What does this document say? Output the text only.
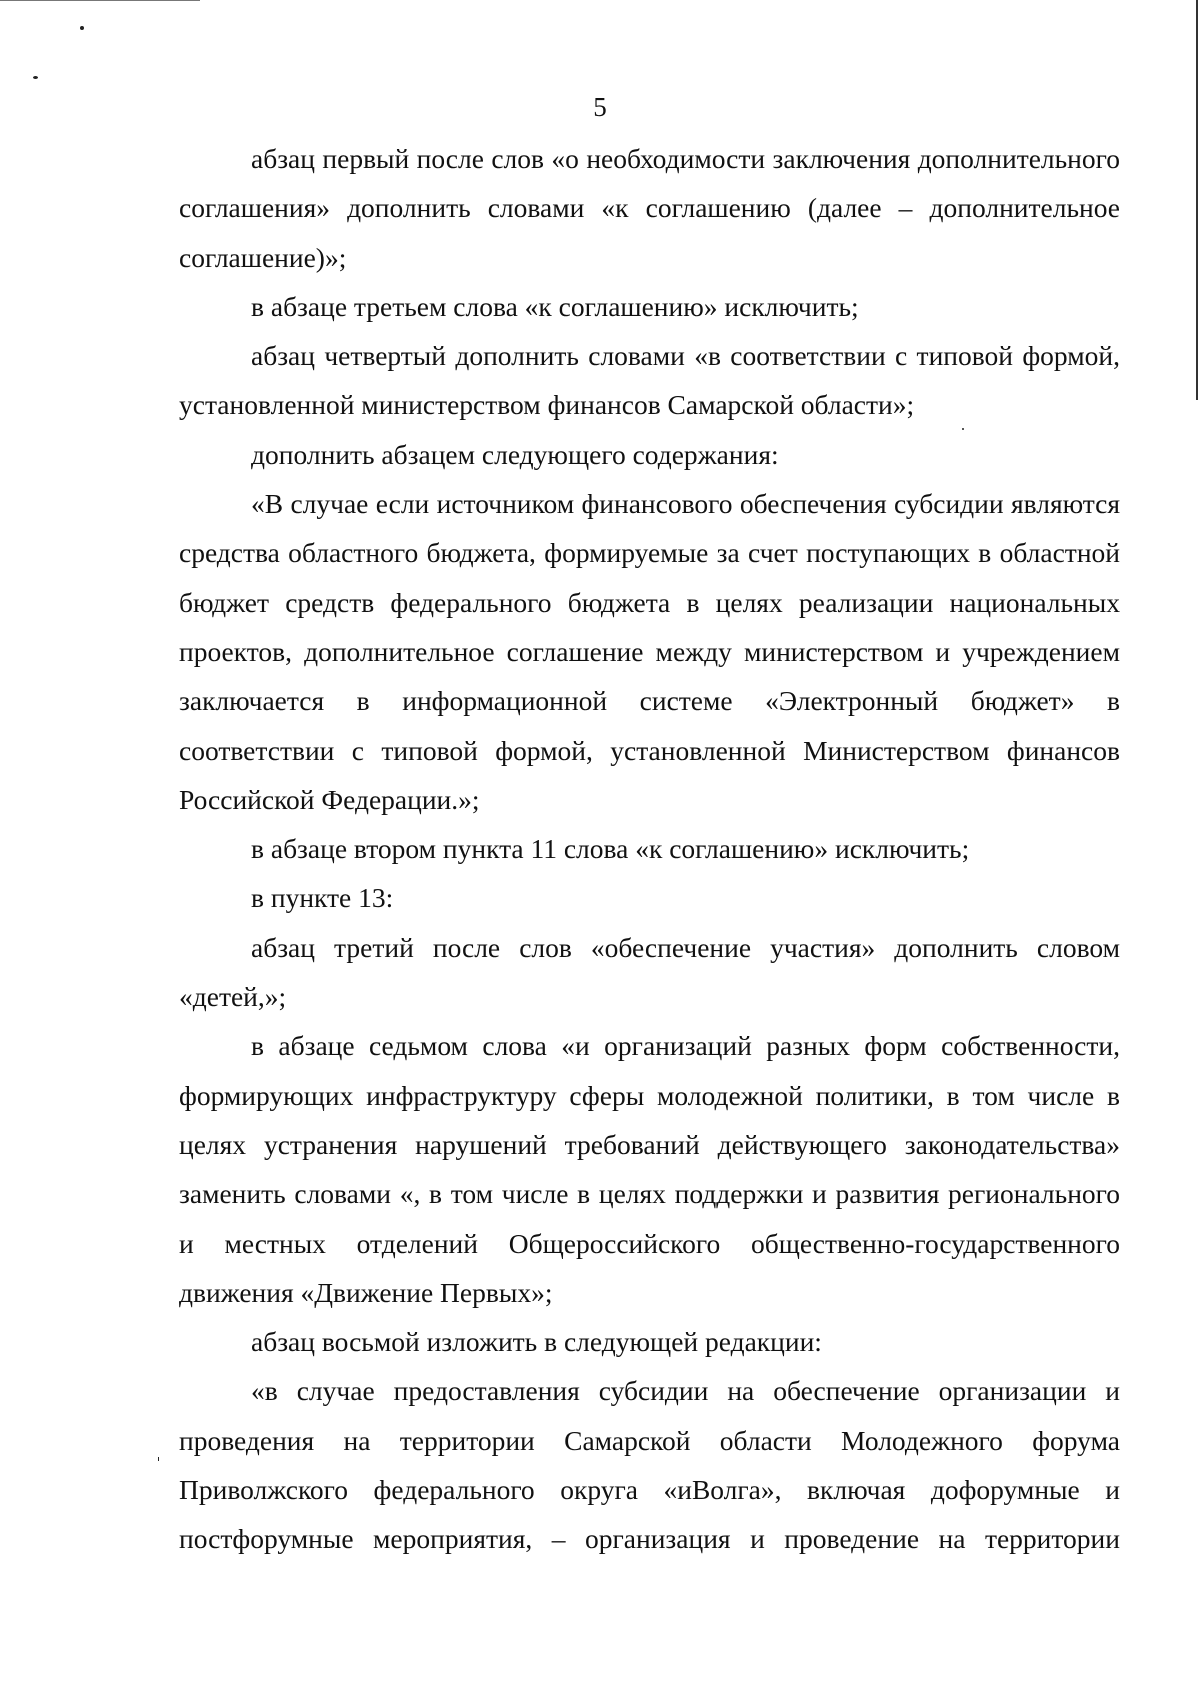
5

абзац первый после слов «о необходимости заключения дополнительного соглашения» дополнить словами «к соглашению (далее – дополнительное соглашение)»;

в абзаце третьем слова «к соглашению» исключить;

абзац четвертый дополнить словами «в соответствии с типовой формой, установленной министерством финансов Самарской области»;

дополнить абзацем следующего содержания:

«В случае если источником финансового обеспечения субсидии являются средства областного бюджета, формируемые за счет поступающих в областной бюджет средств федерального бюджета в целях реализации национальных проектов, дополнительное соглашение между министерством и учреждением заключается в информационной системе «Электронный бюджет» в соответствии с типовой формой, установленной Министерством финансов Российской Федерации.»;

в абзаце втором пункта 11 слова «к соглашению» исключить;

в пункте 13:

абзац третий после слов «обеспечение участия» дополнить словом «детей,»;

в абзаце седьмом слова «и организаций разных форм собственности, формирующих инфраструктуру сферы молодежной политики, в том числе в целях устранения нарушений требований действующего законодательства» заменить словами «, в том числе в целях поддержки и развития регионального и местных отделений Общероссийского общественно-государственного движения «Движение Первых»;

абзац восьмой изложить в следующей редакции:

«в случае предоставления субсидии на обеспечение организации и проведения на территории Самарской области Молодежного форума Приволжского федерального округа «иВолга», включая дофорумные и постфорумные мероприятия, – организация и проведение на территории
